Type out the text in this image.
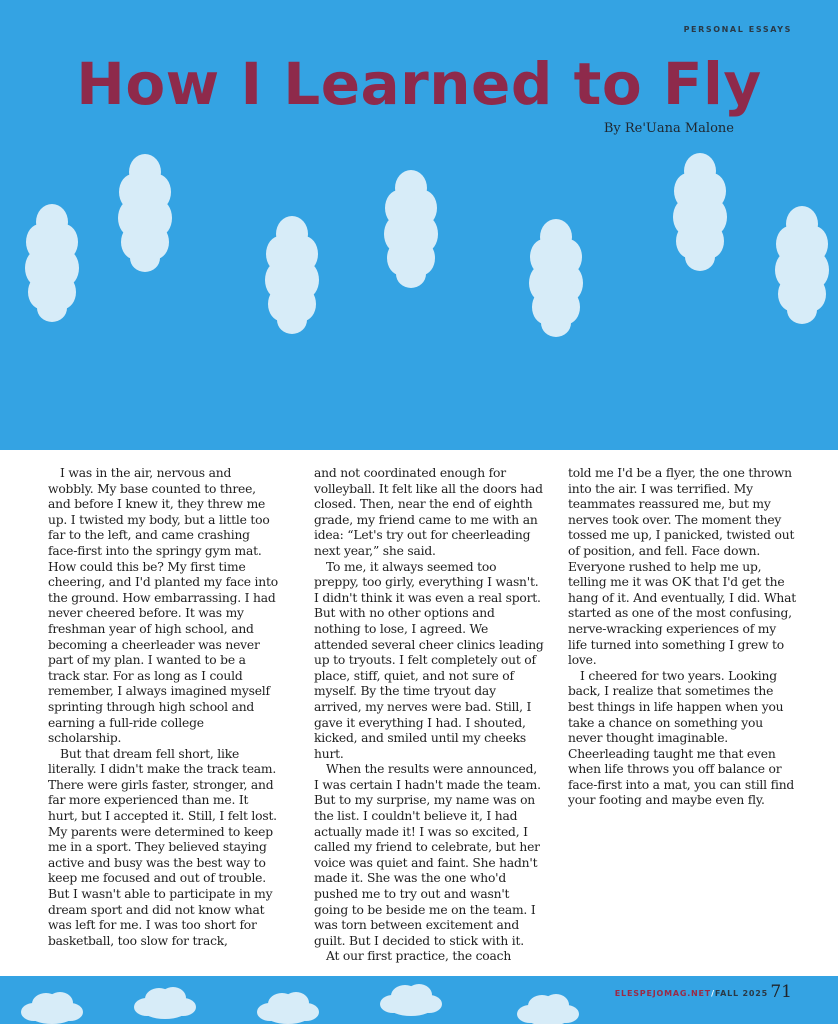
PERSONAL ESSAYS
How I Learned to Fly
By Re'Uana Malone

I was in the air, nervous and wobbly. My base counted to three, and before I knew it, they threw me up. I twisted my body, but a little too far to the left, and came crashing face-first into the springy gym mat. How could this be? My first time cheering, and I'd planted my face into the ground. How embarrassing. I had never cheered before. It was my freshman year of high school, and becoming a cheerleader was never part of my plan. I wanted to be a track star. For as long as I could remember, I always imagined myself sprinting through high school and earning a full-ride college scholarship.

But that dream fell short, like literally. I didn't make the track team. There were girls faster, stronger, and far more experienced than me. It hurt, but I accepted it. Still, I felt lost. My parents were determined to keep me in a sport. They believed staying active and busy was the best way to keep me focused and out of trouble. But I wasn't able to participate in my dream sport and did not know what was left for me. I was too short for basketball, too slow for track,

and not coordinated enough for volleyball. It felt like all the doors had closed. Then, near the end of eighth grade, my friend came to me with an idea: “Let's try out for cheerleading next year,” she said.

To me, it always seemed too preppy, too girly, everything I wasn't. I didn't think it was even a real sport. But with no other options and nothing to lose, I agreed. We attended several cheer clinics leading up to tryouts. I felt completely out of place, stiff, quiet, and not sure of myself. By the time tryout day arrived, my nerves were bad. Still, I gave it everything I had. I shouted, kicked, and smiled until my cheeks hurt.

When the results were announced, I was certain I hadn't made the team. But to my surprise, my name was on the list. I couldn't believe it, I had actually made it! I was so excited, I called my friend to celebrate, but her voice was quiet and faint. She hadn't made it. She was the one who'd pushed me to try out and wasn't going to be beside me on the team. I was torn between excitement and guilt. But I decided to stick with it.

At our first practice, the coach

told me I'd be a flyer, the one thrown into the air. I was terrified. My teammates reassured me, but my nerves took over. The moment they tossed me up, I panicked, twisted out of position, and fell. Face down. Everyone rushed to help me up, telling me it was OK that I'd get the hang of it. And eventually, I did. What started as one of the most confusing, nerve-wracking experiences of my life turned into something I grew to love.

I cheered for two years. Looking back, I realize that sometimes the best things in life happen when you take a chance on something you never thought imaginable. Cheerleading taught me that even when life throws you off balance or face-first into a mat, you can still find your footing and maybe even fly.

ELESPEJOMAG.NET/FALL 2025 71
